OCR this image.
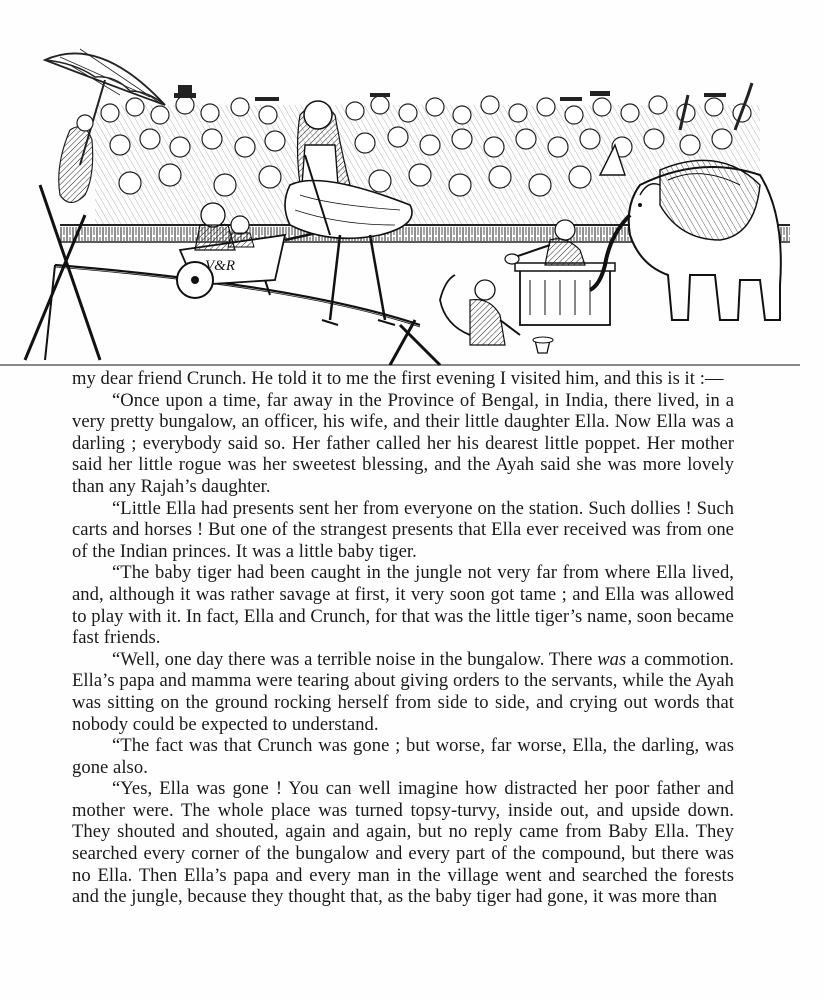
V&R

my dear friend Crunch. He told it to me the first evening I visited him, and this is it :—

“Once upon a time, far away in the Province of Bengal, in India, there lived, in a very pretty bungalow, an officer, his wife, and their little daughter Ella. Now Ella was a darling ; everybody said so. Her father called her his dearest little poppet. Her mother said her little rogue was her sweetest blessing, and the Ayah said she was more lovely than any Rajah’s daughter.

“Little Ella had presents sent her from everyone on the station. Such dollies ! Such carts and horses ! But one of the strangest presents that Ella ever received was from one of the Indian princes. It was a little baby tiger.

“The baby tiger had been caught in the jungle not very far from where Ella lived, and, although it was rather savage at first, it very soon got tame ; and Ella was allowed to play with it. In fact, Ella and Crunch, for that was the little tiger’s name, soon became fast friends.

“Well, one day there was a terrible noise in the bungalow. There was a commotion. Ella’s papa and mamma were tearing about giving orders to the servants, while the Ayah was sitting on the ground rocking herself from side to side, and crying out words that nobody could be expected to understand.

“The fact was that Crunch was gone ; but worse, far worse, Ella, the darling, was gone also.

“Yes, Ella was gone ! You can well imagine how distracted her poor father and mother were. The whole place was turned topsy-turvy, inside out, and upside down. They shouted and shouted, again and again, but no reply came from Baby Ella. They searched every corner of the bungalow and every part of the compound, but there was no Ella. Then Ella’s papa and every man in the village went and searched the forests and the jungle, because they thought that, as the baby tiger had gone, it was more than
